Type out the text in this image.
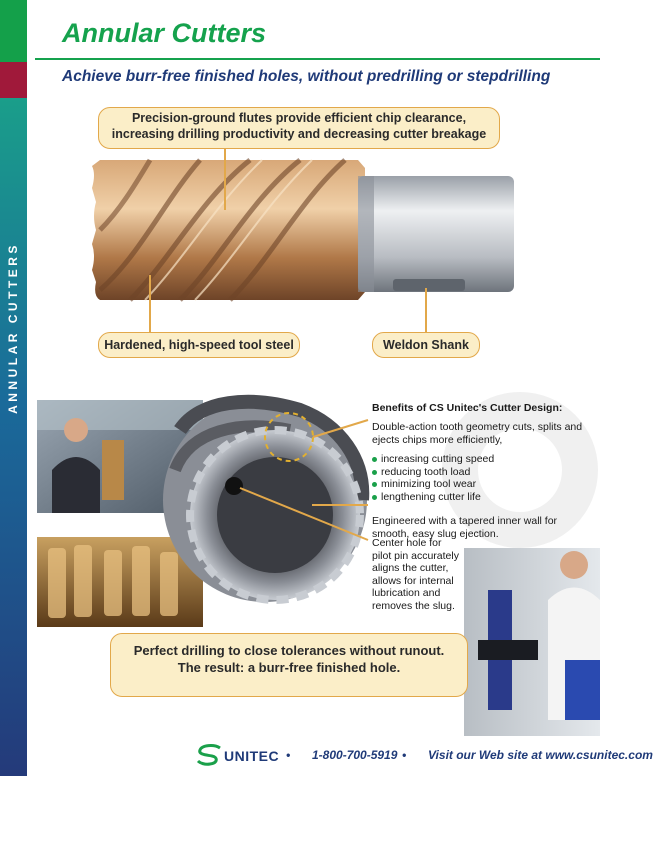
ANNULAR CUTTERS
54
Annular Cutters
Achieve burr-free finished holes, without predrilling or stepdrilling
Precision-ground flutes provide efficient chip clearance,
increasing drilling productivity and decreasing cutter breakage
Hardened, high-speed tool steel	Weldon Shank
Benefits of CS Unitec's Cutter Design:

Double-action tooth geometry cuts, splits and ejects chips more efficiently,

increasing cutting speed
reducing tooth load
minimizing tool wear
lengthening cutter life

Engineered with a tapered inner wall for smooth, easy slug ejection.

Center hole for pilot pin accurately aligns the cutter, allows for internal lubrication and removes the slug.
Perfect drilling to close tolerances without runout.
The result: a burr-free finished hole.
UNITEC • 1-800-700-5919 • Visit our Web site at www.csunitec.com
